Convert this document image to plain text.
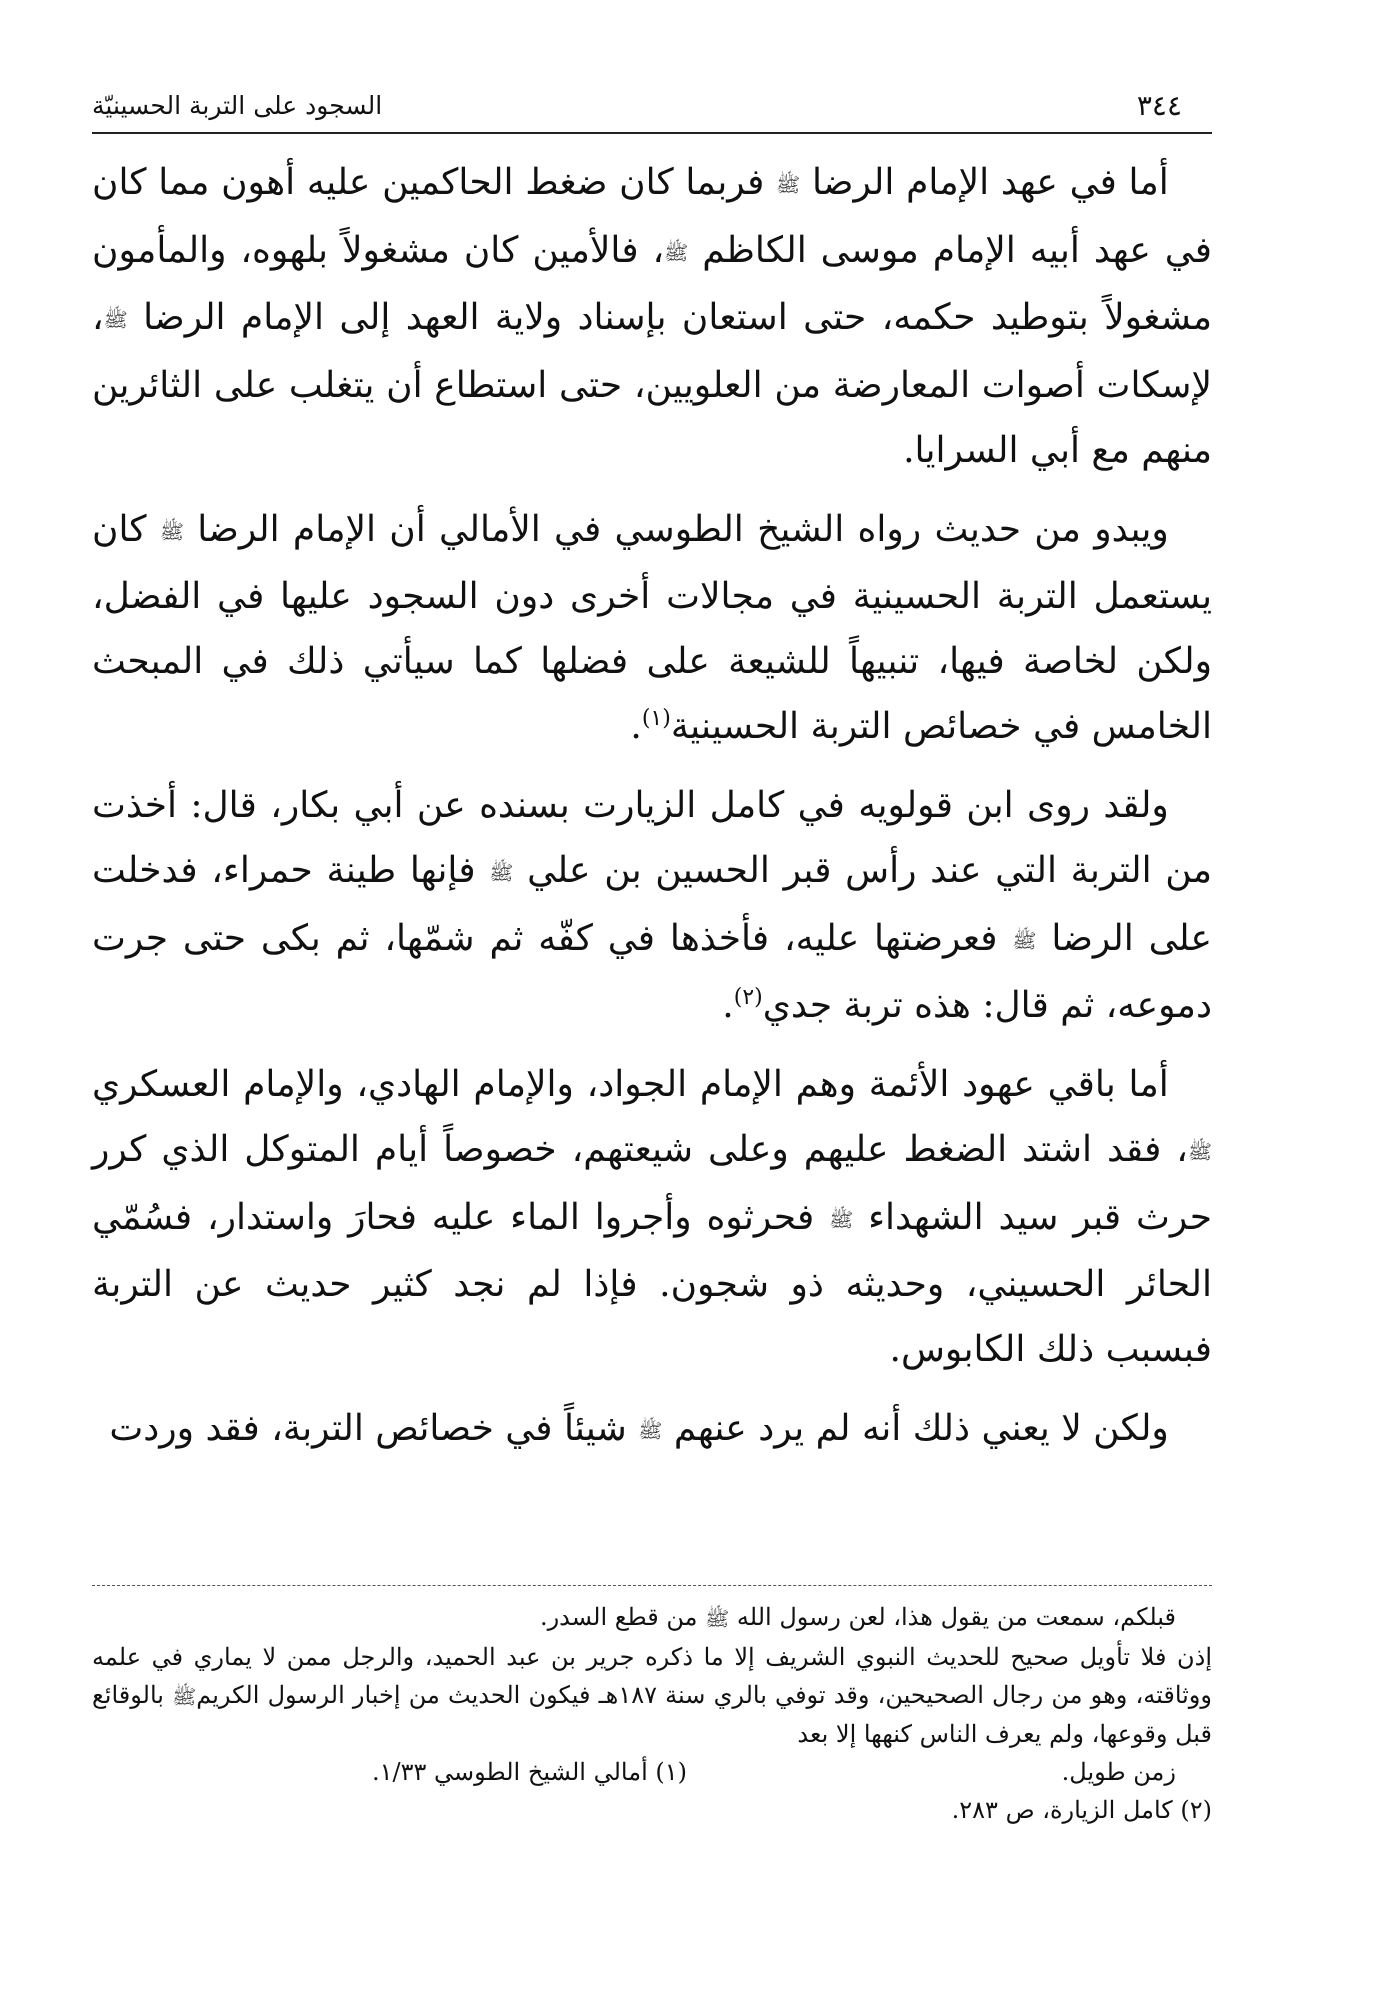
٣٤٤
السجود على التربة الحسينيّة

أما في عهد الإمام الرضا ﷺ فربما كان ضغط الحاكمين عليه أهون مما كان في عهد أبيه الإمام موسى الكاظم ﷺ، فالأمين كان مشغولاً بلهوه، والمأمون مشغولاً بتوطيد حكمه، حتى استعان بإسناد ولاية العهد إلى الإمام الرضا ﷺ، لإسكات أصوات المعارضة من العلويين، حتى استطاع أن يتغلب على الثائرين منهم مع أبي السرايا.

ويبدو من حديث رواه الشيخ الطوسي في الأمالي أن الإمام الرضا ﷺ كان يستعمل التربة الحسينية في مجالات أخرى دون السجود عليها في الفضل، ولكن لخاصة فيها، تنبيهاً للشيعة على فضلها كما سيأتي ذلك في المبحث الخامس في خصائص التربة الحسينية$^{(١)}$.

ولقد روى ابن قولويه في كامل الزيارت بسنده عن أبي بكار، قال: أخذت من التربة التي عند رأس قبر الحسين بن علي ﷺ فإنها طينة حمراء، فدخلت على الرضا ﷺ فعرضتها عليه، فأخذها في كفّه ثم شمّها، ثم بكى حتى جرت دموعه، ثم قال: هذه تربة جدي$^{(٢)}$.

أما باقي عهود الأئمة وهم الإمام الجواد، والإمام الهادي، والإمام العسكري ﷺ، فقد اشتد الضغط عليهم وعلى شيعتهم، خصوصاً أيام المتوكل الذي كرر حرث قبر سيد الشهداء ﷺ فحرثوه وأجروا الماء عليه فحارَ واستدار، فسُمّي الحائر الحسيني، وحديثه ذو شجون. فإذا لم نجد كثير حديث عن التربة فبسبب ذلك الكابوس.

ولكن لا يعني ذلك أنه لم يرد عنهم ﷺ شيئاً في خصائص التربة، فقد وردت

قبلكم، سمعت من يقول هذا، لعن رسول الله ﷺ من قطع السدر.

إذن فلا تأويل صحيح للحديث النبوي الشريف إلا ما ذكره جرير بن عبد الحميد، والرجل ممن لا يماري في علمه ووثاقته، وهو من رجال الصحيحين، وقد توفي بالري سنة ١٨٧هـ فيكون الحديث من إخبار الرسول الكريمﷺ بالوقائع قبل وقوعها، ولم يعرف الناس كنهها إلا بعد

زمن طويل.
(١) أمالي الشيخ الطوسي ١/٣٣.

(٢) كامل الزيارة، ص ٢٨٣.
